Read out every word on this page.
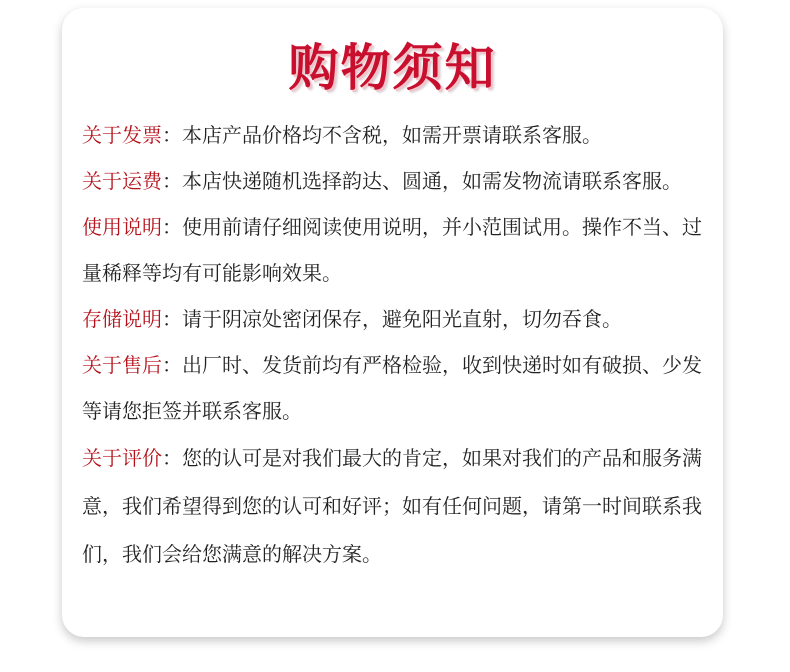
购物须知

关于发票：本店产品价格均不含税，如需开票请联系客服。

关于运费：本店快递随机选择韵达、圆通，如需发物流请联系客服。

使用说明：使用前请仔细阅读使用说明，并小范围试用。操作不当、过量稀释等均有可能影响效果。

存储说明：请于阴凉处密闭保存，避免阳光直射，切勿吞食。

关于售后：出厂时、发货前均有严格检验，收到快递时如有破损、少发等请您拒签并联系客服。

关于评价：您的认可是对我们最大的肯定，如果对我们的产品和服务满意，我们希望得到您的认可和好评；如有任何问题，请第一时间联系我们，我们会给您满意的解决方案。
